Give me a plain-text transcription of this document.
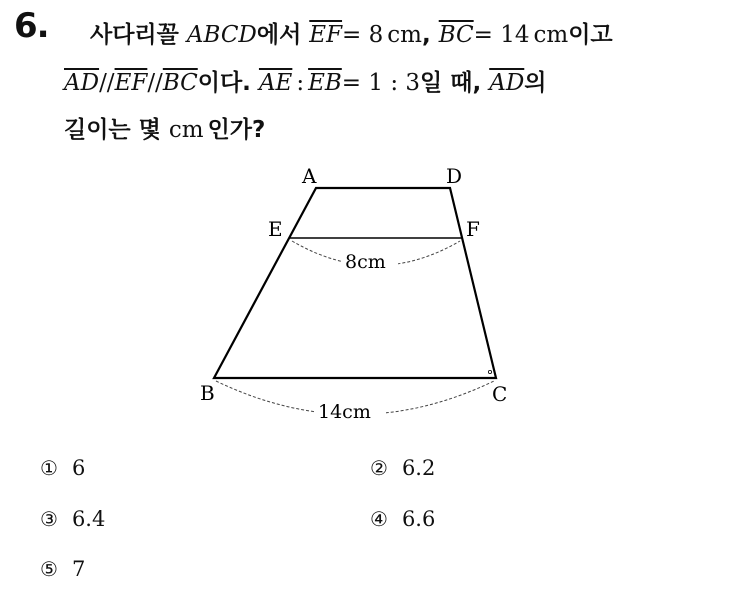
6. 사다리꼴 ABCD 에서 $\overline{EF} = 8$ cm , $\overline{BC} = 14$ cm 이고
$\overline{AD} // \overline{EF} // \overline{BC}$ 이다. $\overline{AE}$ : $\overline{EB} = 1$ : 3 일 때, $\overline{AD}$ 의
길이는 몇 cm 인가?
A	D
E	F
B	C
8cm
14cm
① 6	② 6.2
③ 6.4	④ 6.6
⑤ 7
